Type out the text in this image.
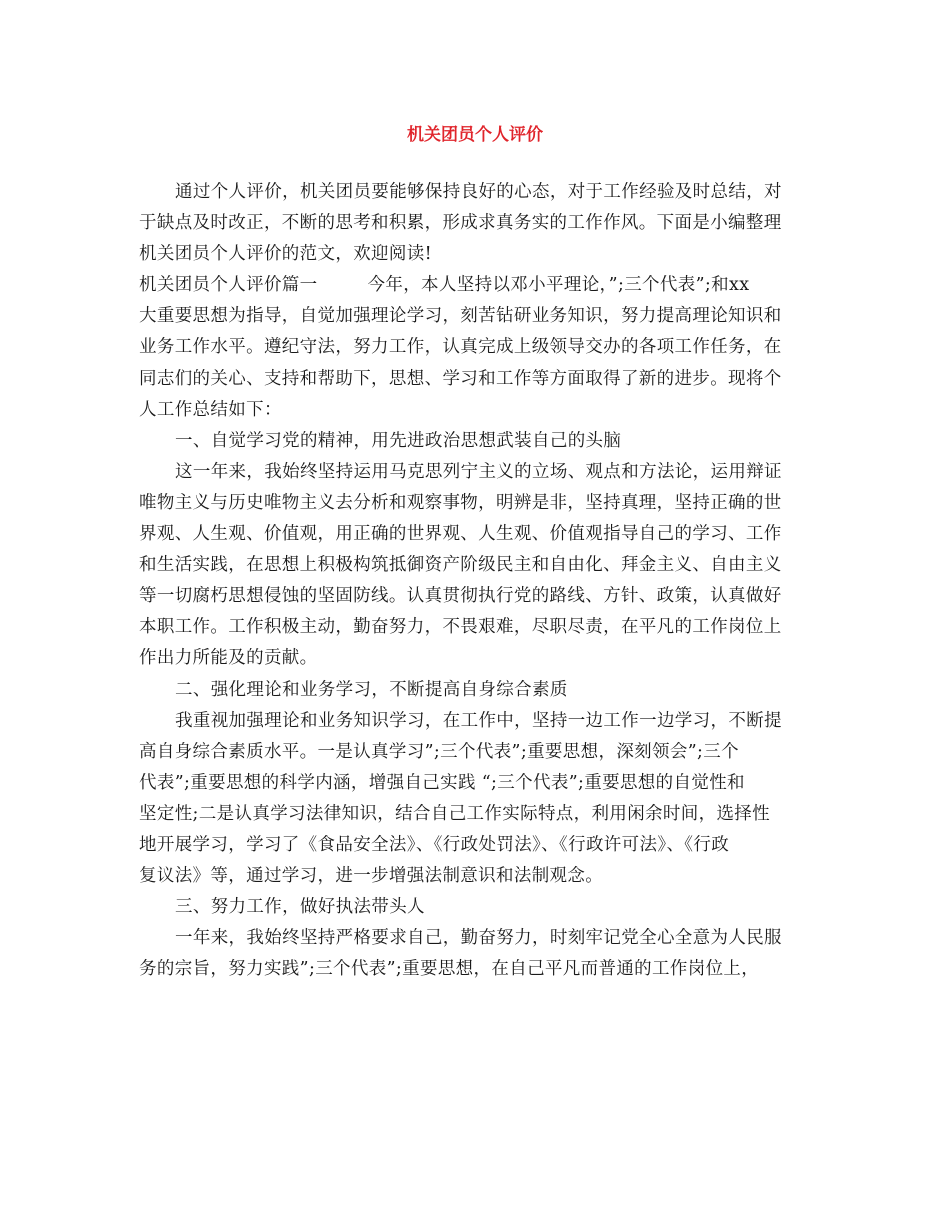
机关团员个人评价
通过个人评价，机关团员要能够保持良好的心态，对于工作经验及时总结，对
于缺点及时改正，不断的思考和积累，形成求真务实的工作作风。下面是小编整理
机关团员个人评价的范文，欢迎阅读!
机关团员个人评价篇一	今年，本人坚持以邓小平理论，”;三个代表”;和xx
大重要思想为指导，自觉加强理论学习，刻苦钻研业务知识，努力提高理论知识和
业务工作水平。遵纪守法，努力工作，认真完成上级领导交办的各项工作任务，在
同志们的关心、支持和帮助下，思想、学习和工作等方面取得了新的进步。现将个
人工作总结如下：
一、自觉学习党的精神，用先进政治思想武装自己的头脑
这一年来，我始终坚持运用马克思列宁主义的立场、观点和方法论，运用辩证
唯物主义与历史唯物主义去分析和观察事物，明辨是非，坚持真理，坚持正确的世
界观、人生观、价值观，用正确的世界观、人生观、价值观指导自己的学习、工作
和生活实践，在思想上积极构筑抵御资产阶级民主和自由化、拜金主义、自由主义
等一切腐朽思想侵蚀的坚固防线。认真贯彻执行党的路线、方针、政策，认真做好
本职工作。工作积极主动，勤奋努力，不畏艰难，尽职尽责，在平凡的工作岗位上
作出力所能及的贡献。
二、强化理论和业务学习，不断提高自身综合素质
我重视加强理论和业务知识学习，在工作中，坚持一边工作一边学习，不断提
高自身综合素质水平。一是认真学习”;三个代表”;重要思想，深刻领会”;三个
代表”;重要思想的科学内涵，增强自己实践 “;三个代表”;重要思想的自觉性和
坚定性;二是认真学习法律知识，结合自己工作实际特点，利用闲余时间，选择性
地开展学习，学习了《食品安全法》、《行政处罚法》、《行政许可法》、《行政
复议法》等，通过学习，进一步增强法制意识和法制观念。
三、努力工作，做好执法带头人
一年来，我始终坚持严格要求自己，勤奋努力，时刻牢记党全心全意为人民服
务的宗旨，努力实践”;三个代表”;重要思想，在自己平凡而普通的工作岗位上，
